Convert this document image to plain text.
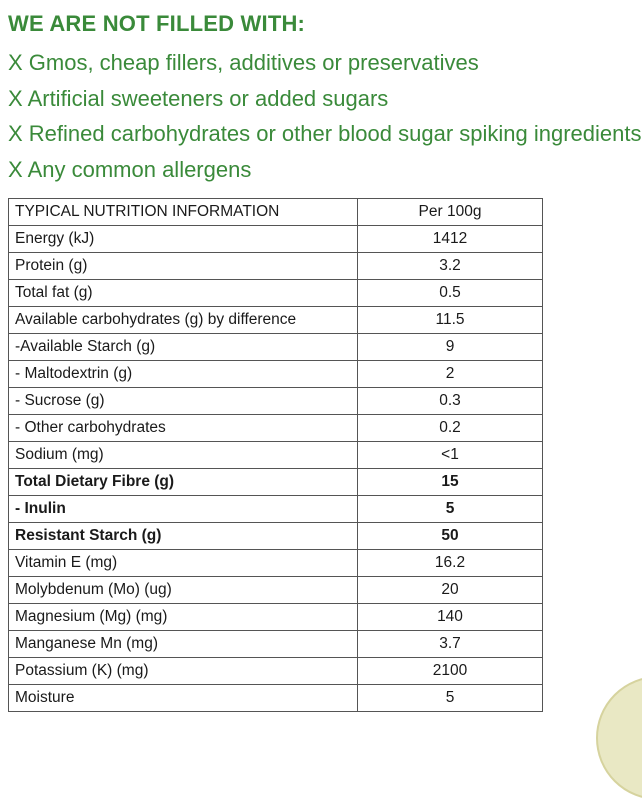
WE ARE NOT FILLED WITH:
X Gmos, cheap fillers, additives or preservatives
X Artificial sweeteners or added sugars
X Refined carbohydrates or other blood sugar spiking ingredients
X Any common allergens
TYPICAL NUTRITION INFORMATION	Per 100g
Energy (kJ)	1412
Protein (g)	3.2
Total fat (g)	0.5
Available carbohydrates (g) by difference	11.5
-Available Starch (g)	9
- Maltodextrin (g)	2
- Sucrose (g)	0.3
- Other carbohydrates	0.2
Sodium (mg)	<1
Total Dietary Fibre (g)	15
- Inulin	5
Resistant Starch (g)	50
Vitamin E (mg)	16.2
Molybdenum (Mo) (ug)	20
Magnesium (Mg) (mg)	140
Manganese Mn (mg)	3.7
Potassium (K) (mg)	2100
Moisture	5
